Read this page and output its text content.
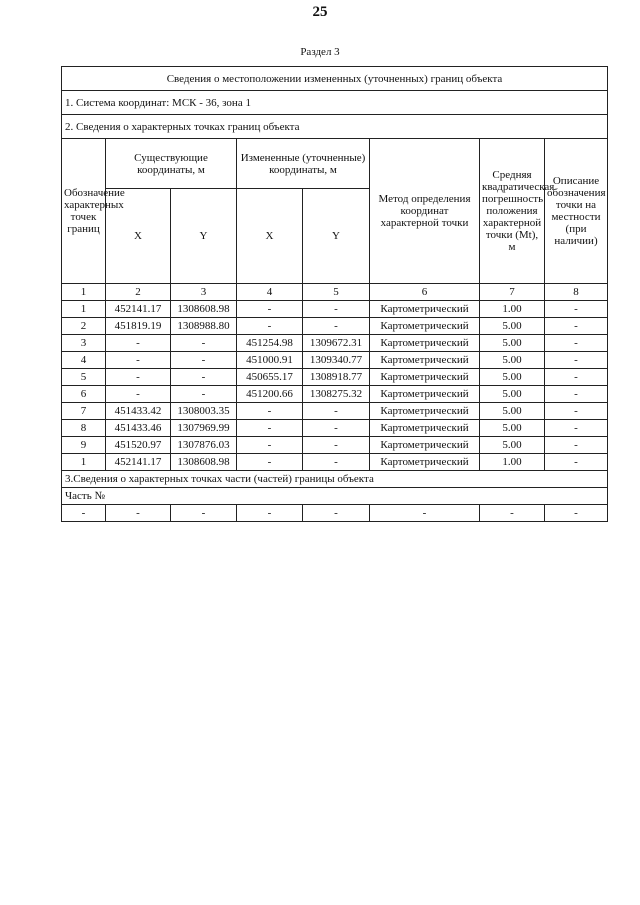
25
Раздел 3
Сведения о местоположении измененных (уточненных) границ объекта							
1. Система координат: МСК - 36, зона 1							
2. Сведения о характерных точках границ объекта							
Обозначение характерных точек границ	Существующие координаты, м		Измененные (уточненные) координаты, м		Метод определения координат характерной точки	Средняя квадратическая погрешность положения характерной точки (Mt), м	Описание обозначения точки на местности (при наличии)
	X	Y	X	Y			
1	2	3	4	5	6	7	8
1	452141.17	1308608.98	-	-	Картометрический	1.00	-
2	451819.19	1308988.80	-	-	Картометрический	5.00	-
3	-	-	451254.98	1309672.31	Картометрический	5.00	-
4	-	-	451000.91	1309340.77	Картометрический	5.00	-
5	-	-	450655.17	1308918.77	Картометрический	5.00	-
6	-	-	451200.66	1308275.32	Картометрический	5.00	-
7	451433.42	1308003.35	-	-	Картометрический	5.00	-
8	451433.46	1307969.99	-	-	Картометрический	5.00	-
9	451520.97	1307876.03	-	-	Картометрический	5.00	-
1	452141.17	1308608.98	-	-	Картометрический	1.00	-
3.Сведения о характерных точках части (частей) границы объекта							
Часть №							
-	-	-	-	-	-	-	-
